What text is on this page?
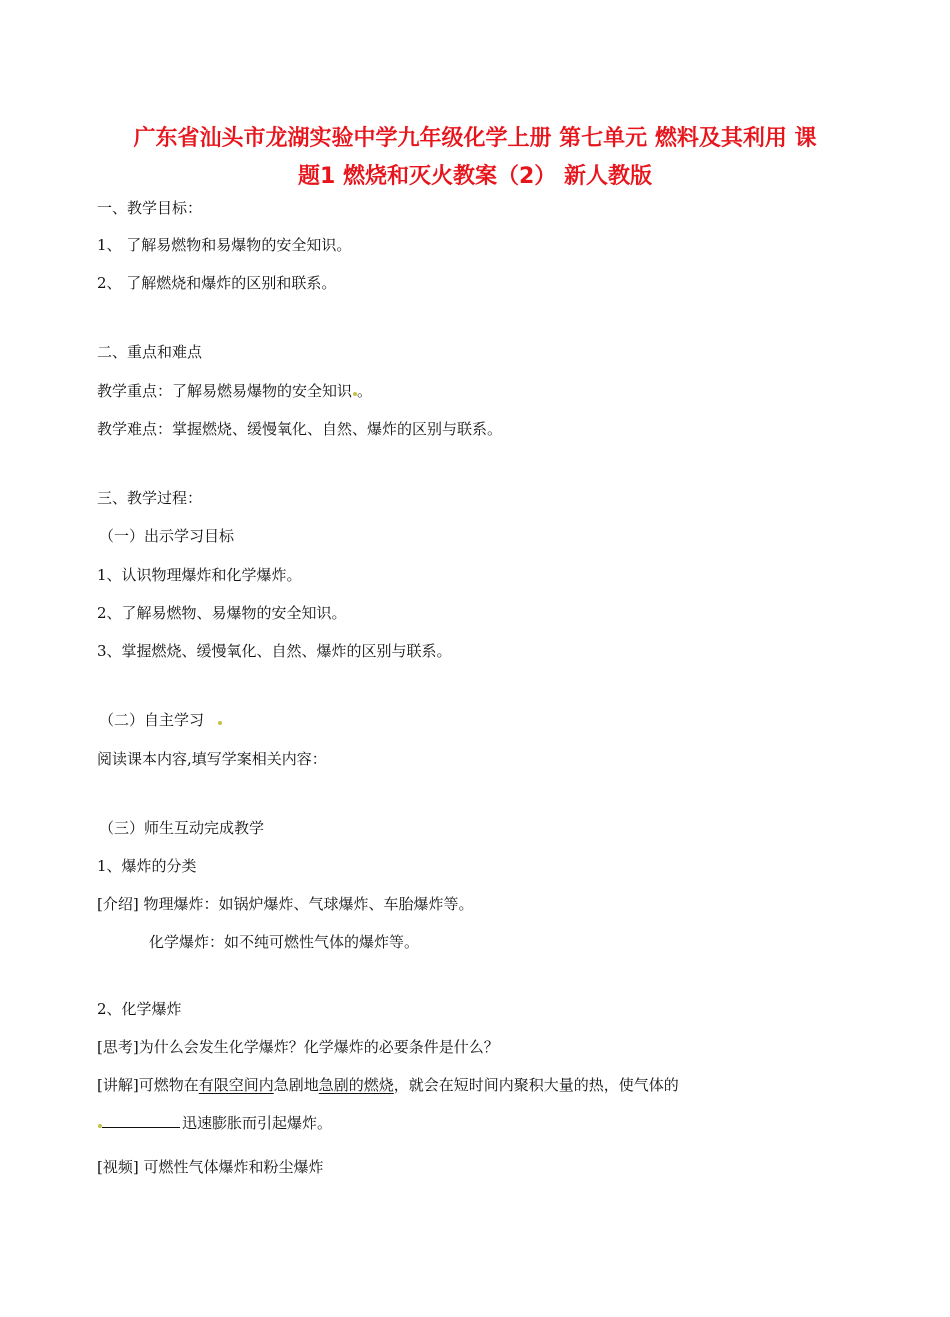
广东省汕头市龙湖实验中学九年级化学上册 第七单元 燃料及其利用 课
题1 燃烧和灭火教案（2） 新人教版
一、教学目标：
1、 了解易燃物和易爆物的安全知识。
2、 了解燃烧和爆炸的区别和联系。
二、重点和难点
教学重点：了解易燃易爆物的安全知识 。
教学难点：掌握燃烧、缓慢氧化、自然、爆炸的区别与联系。
三、教学过程：
（一）出示学习目标
1、认识物理爆炸和化学爆炸。
2、了解易燃物、易爆物的安全知识。
3、掌握燃烧、缓慢氧化、自然、爆炸的区别与联系。
（二）自主学习
阅读课本内容,填写学案相关内容：
（三）师生互动完成教学
1、爆炸的分类
[介绍] 物理爆炸：如锅炉爆炸、气球爆炸、车胎爆炸等。
化学爆炸：如不纯可燃性气体的爆炸等。
2、化学爆炸
[思考]为什么会发生化学爆炸？化学爆炸的必要条件是什么？
[讲解]可燃物在有限空间内急剧地急剧的燃烧，就会在短时间内聚积大量的热，使气体的
迅速膨胀而引起爆炸。
[视频] 可燃性气体爆炸和粉尘爆炸
